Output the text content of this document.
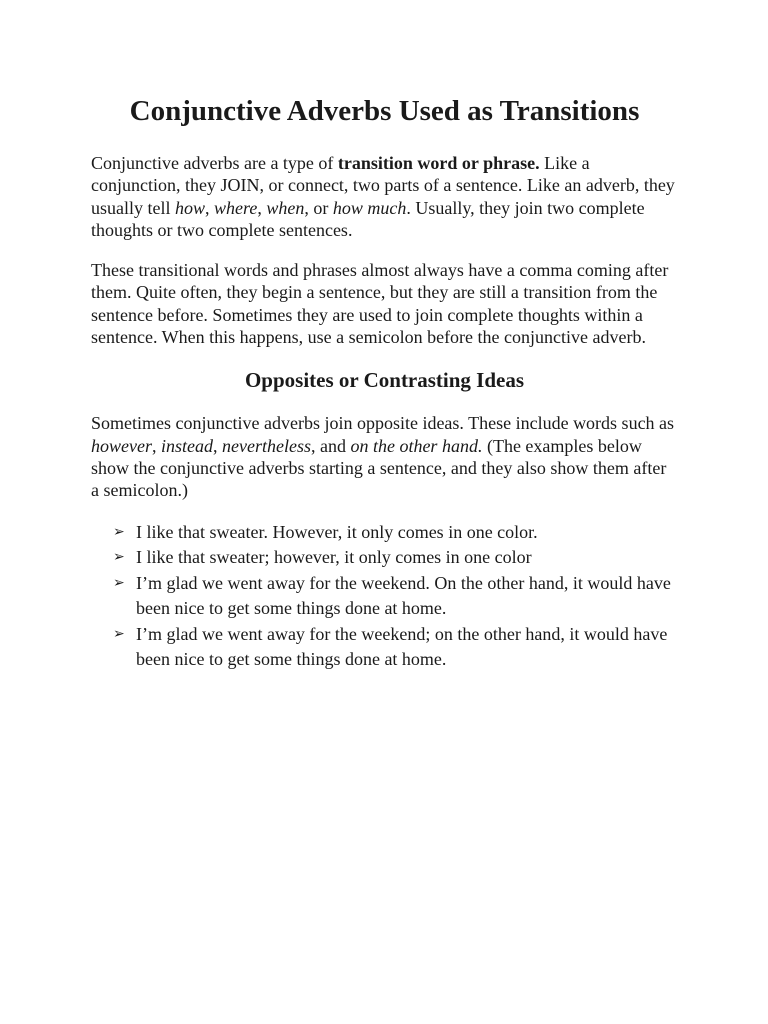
Conjunctive Adverbs Used as Transitions

Conjunctive adverbs are a type of transition word or phrase. Like a conjunction, they JOIN, or connect, two parts of a sentence. Like an adverb, they usually tell how, where, when, or how much. Usually, they join two complete thoughts or two complete sentences.

These transitional words and phrases almost always have a comma coming after them. Quite often, they begin a sentence, but they are still a transition from the sentence before. Sometimes they are used to join complete thoughts within a sentence. When this happens, use a semicolon before the conjunctive adverb.

Opposites or Contrasting Ideas

Sometimes conjunctive adverbs join opposite ideas. These include words such as however, instead, nevertheless, and on the other hand. (The examples below show the conjunctive adverbs starting a sentence, and they also show them after a semicolon.)

➢ I like that sweater. However, it only comes in one color.
➢ I like that sweater; however, it only comes in one color
➢ I’m glad we went away for the weekend. On the other hand, it would have been nice to get some things done at home.
➢ I’m glad we went away for the weekend; on the other hand, it would have been nice to get some things done at home.
